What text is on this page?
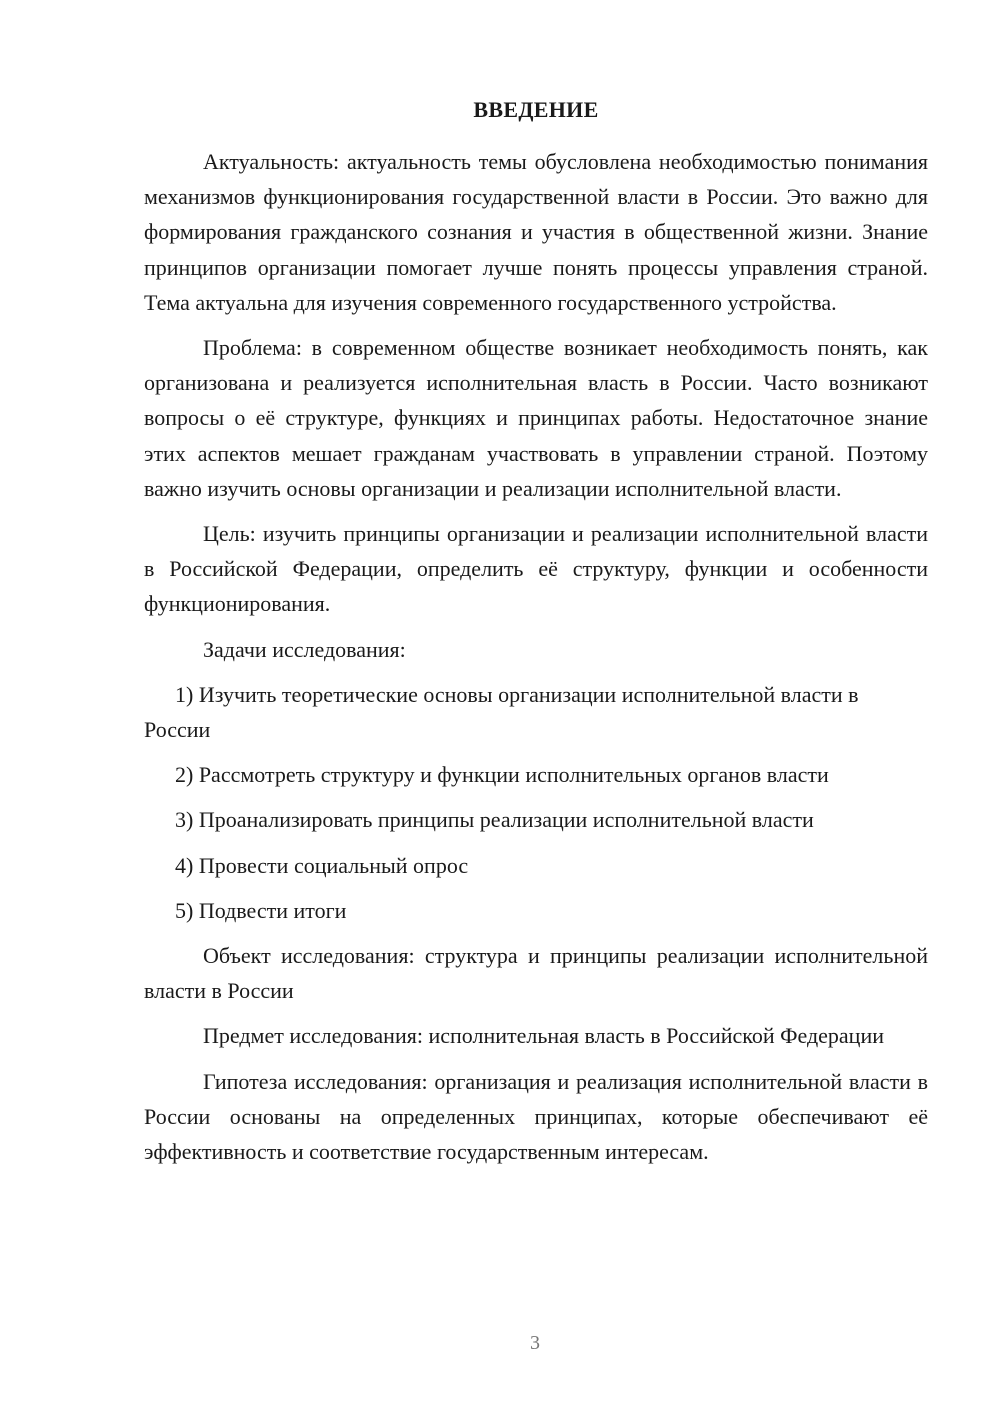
ВВЕДЕНИЕ

Актуальность: актуальность темы обусловлена необходимостью понимания механизмов функционирования государственной власти в России. Это важно для формирования гражданского сознания и участия в общественной жизни. Знание принципов организации помогает лучше понять процессы управления страной. Тема актуальна для изучения современного государственного устройства.

Проблема: в современном обществе возникает необходимость понять, как организована и реализуется исполнительная власть в России. Часто возникают вопросы о её структуре, функциях и принципах работы. Недостаточное знание этих аспектов мешает гражданам участвовать в управлении страной. Поэтому важно изучить основы организации и реализации исполнительной власти.

Цель: изучить принципы организации и реализации исполнительной власти в Российской Федерации, определить её структуру, функции и особенности функционирования.

Задачи исследования:

1) Изучить теоретические основы организации исполнительной власти в России

2) Рассмотреть структуру и функции исполнительных органов власти

3) Проанализировать принципы реализации исполнительной власти

4) Провести социальный опрос

5) Подвести итоги

Объект исследования: структура и принципы реализации исполнительной власти в России

Предмет исследования: исполнительная власть в Российской Федерации

Гипотеза исследования: организация и реализация исполнительной власти в России основаны на определенных принципах, которые обеспечивают её эффективность и соответствие государственным интересам.

3
